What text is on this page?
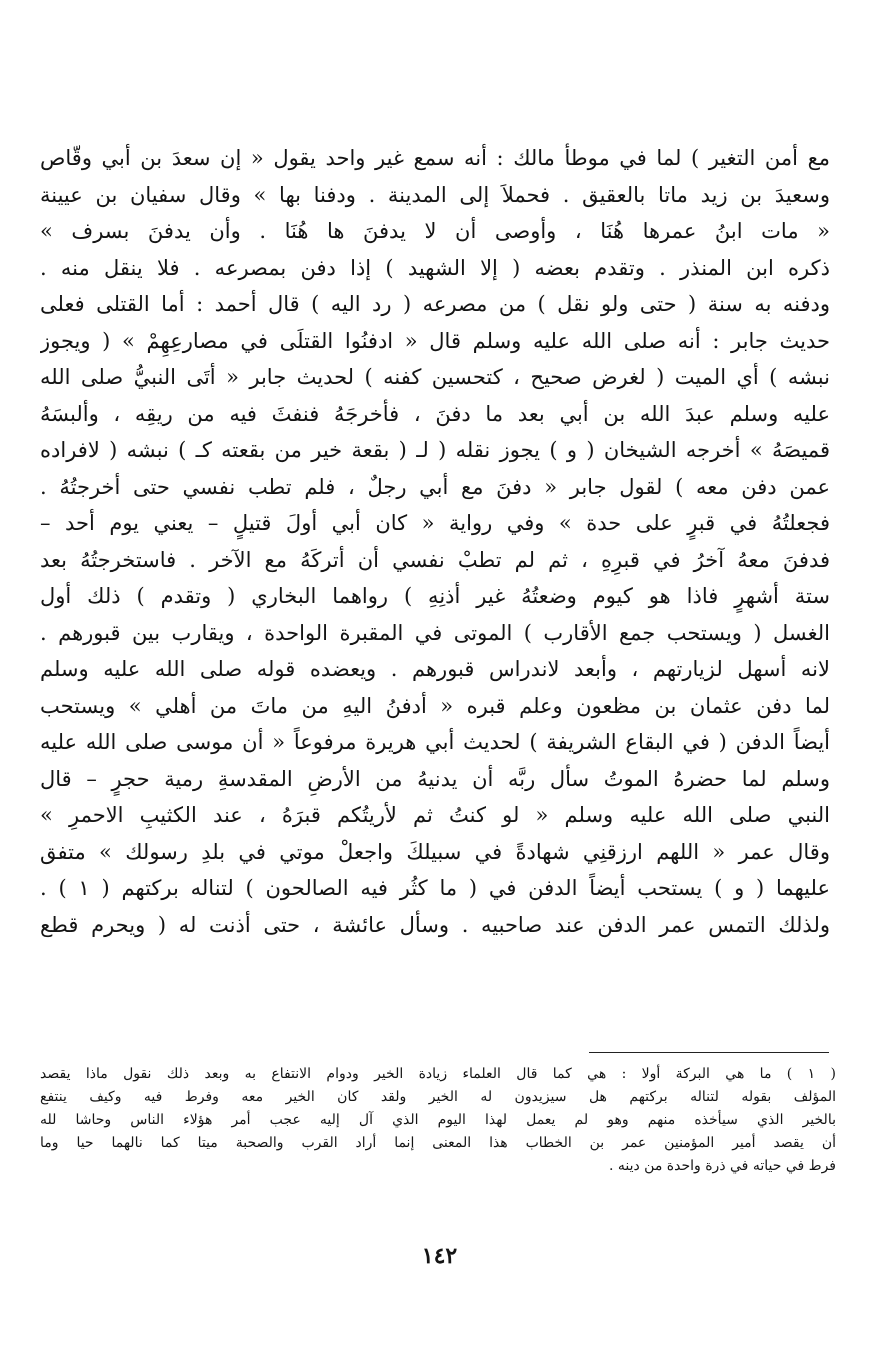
مع أمن التغير ) لما في موطأ مالك : أنه سمع غير واحد يقول « إن سعدَ بن أبي وقّاص
وسعيدَ بن زيد ماتا بالعقيق . فحملاَ إلى المدينة . ودفنا بها » وقال سفيان بن عيينة
« مات ابنُ عمرها هُنَا ، وأوصى أن لا يدفنَ ها هُنَا . وأن يدفنَ بسرف »
ذكره ابن المنذر . وتقدم بعضه ( إلا الشهيد ) إذا دفن بمصرعه . فلا ينقل منه .
ودفنه به سنة ( حتى ولو نقل ) من مصرعه ( رد اليه ) قال أحمد : أما القتلى فعلى
حديث جابر : أنه صلى الله عليه وسلم قال « ادفنُوا القتلَى في مصارعِهِمْ » ( ويجوز
نبشه ) أي الميت ( لغرض صحيح ، كتحسين كفنه ) لحديث جابر « أتَى النبيُّ صلى الله
عليه وسلم عبدَ الله بن أبي بعد ما دفنَ ، فأخرجَهُ فنفثَ فيه من ريقِه ، وألبسَهُ
قميصَهُ » أخرجه الشيخان ( و ) يجوز نقله ( لـ ( بقعة خير من بقعته كـ ) نبشه ( لافراده
عمن دفن معه ) لقول جابر « دفنَ مع أبي رجلٌ ، فلم تطب نفسي حتى أخرجتُهُ .
فجعلتُهُ في قبرٍ على حدة » وفي رواية « كان أبي أولَ قتيلٍ – يعني يوم أحد –
فدفنَ معهُ آخرُ في قبرِهِ ، ثم لم تطبْ نفسي أن أتركَهُ مع الآخر . فاستخرجتُهُ بعد
ستة أشهرٍ فاذا هو كيوم وضعتُهُ غير أذنِهِ ) رواهما البخاري ( وتقدم ) ذلك أول
الغسل ( ويستحب جمع الأقارب ) الموتى في المقبرة الواحدة ، ويقارب بين قبورهم .
لانه أسهل لزيارتهم ، وأبعد لاندراس قبورهم . ويعضده قوله صلى الله عليه وسلم
لما دفن عثمان بن مظعون وعلم قبره « أدفنُ اليهِ من ماتَ من أهلي » ويستحب
أيضاً الدفن ( في البقاع الشريفة ) لحديث أبي هريرة مرفوعاً « أن موسى صلى الله عليه
وسلم لما حضرهُ الموتُ سأل ربَّه أن يدنيهُ من الأرضِ المقدسةِ رمية حجرٍ – قال
النبي صلى الله عليه وسلم « لو كنتُ ثم لأريتُكم قبرَهُ ، عند الكثيبِ الاحمرِ »
وقال عمر « اللهم ارزقنِي شهادةً في سبيلكَ واجعلْ موتي في بلدِ رسولك » متفق
عليهما ( و ) يستحب أيضاً الدفن في ( ما كثُر فيه الصالحون ) لتناله بركتهم ( ١ ) .
ولذلك التمس عمر الدفن عند صاحبيه . وسأل عائشة ، حتى أذنت له ( ويحرم قطع
( ١ ) ما هي البركة أولا : هي كما قال العلماء زيادة الخير ودوام الانتفاع به وبعد ذلك نقول ماذا يقصد
المؤلف بقوله لتناله بركتهم هل سيزيدون له الخير ولقد كان الخير معه وفرط فيه وكيف ينتفع
بالخير الذي سيأخذه منهم وهو لم يعمل لهذا اليوم الذي آل إليه عجب أمر هؤلاء الناس وحاشا لله
أن يقصد أمير المؤمنين عمر بن الخطاب هذا المعنى إنما أراد القرب والصحبة ميتا كما نالهما حيا وما
فرط في حياته في ذرة واحدة من دينه .
١٤٢
